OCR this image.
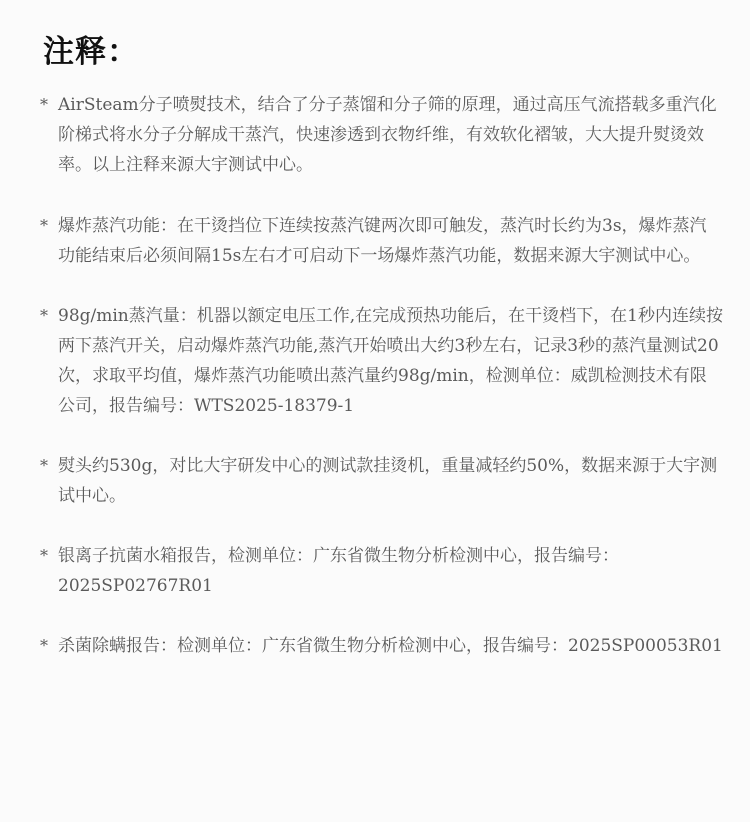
注释：
* AirSteam分子喷熨技术，结合了分子蒸馏和分子筛的原理，通过高压气流搭载多重汽化
阶梯式将水分子分解成干蒸汽，快速渗透到衣物纤维，有效软化褶皱，大大提升熨烫效
率。以上注释来源大宇测试中心。
* 爆炸蒸汽功能：在干烫挡位下连续按蒸汽键两次即可触发，蒸汽时长约为3s，爆炸蒸汽
功能结束后必须间隔15s左右才可启动下一场爆炸蒸汽功能，数据来源大宇测试中心。
* 98g/min蒸汽量：机器以额定电压工作,在完成预热功能后，在干烫档下，在1秒内连续按
两下蒸汽开关，启动爆炸蒸汽功能,蒸汽开始喷出大约3秒左右，记录3秒的蒸汽量测试20
次，求取平均值，爆炸蒸汽功能喷出蒸汽量约98g/min，检测单位：威凯检测技术有限
公司，报告编号：WTS2025-18379-1
* 熨头约530g，对比大宇研发中心的测试款挂烫机，重量减轻约50%，数据来源于大宇测
试中心。
* 银离子抗菌水箱报告，检测单位：广东省微生物分析检测中心，报告编号：
2025SP02767R01
* 杀菌除螨报告：检测单位：广东省微生物分析检测中心，报告编号：2025SP00053R01
